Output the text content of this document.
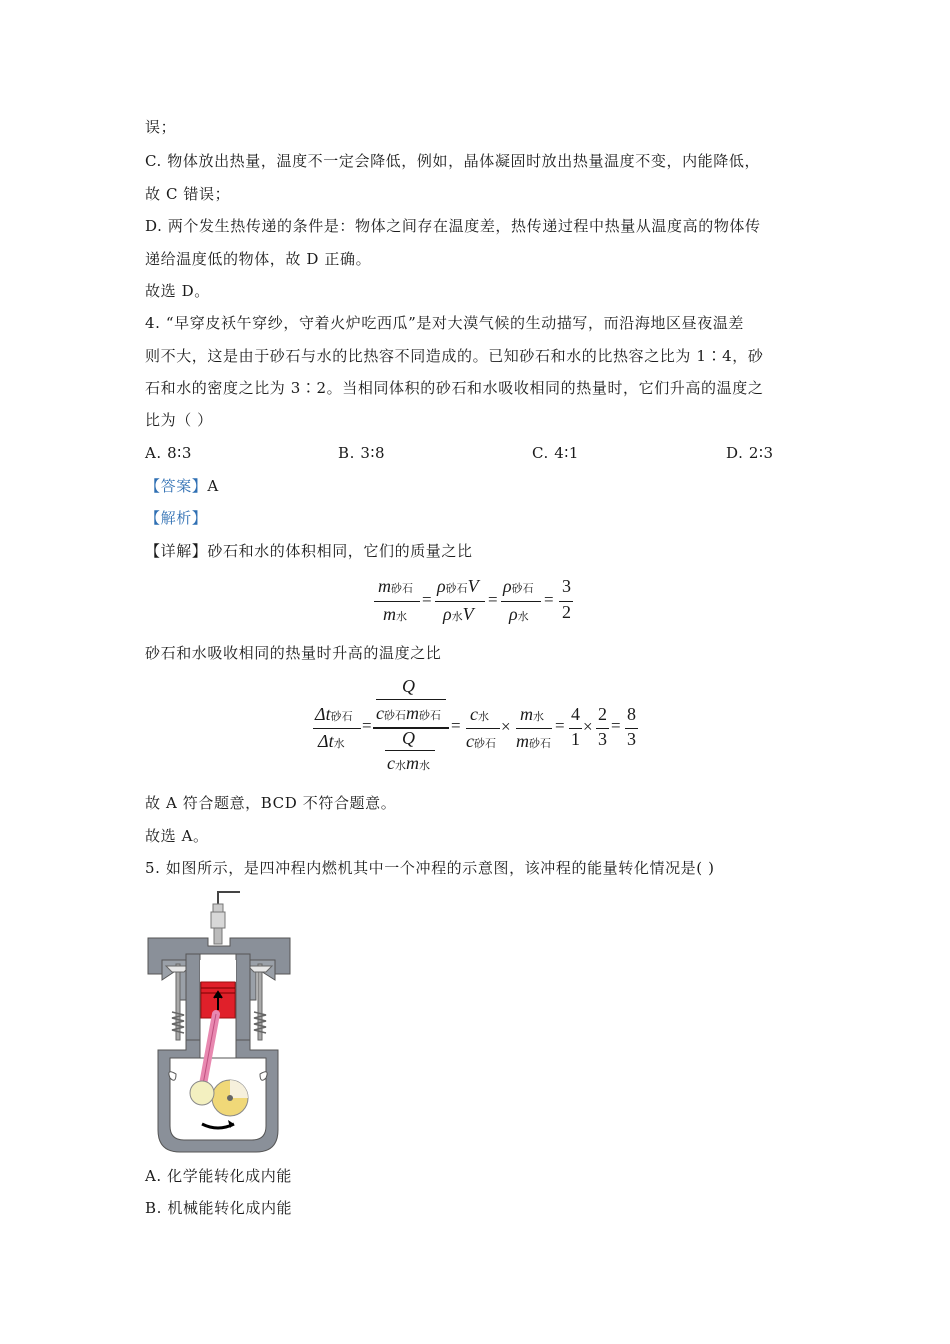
误；
C. 物体放出热量，温度不一定会降低，例如，晶体凝固时放出热量温度不变，内能降低，
故 C 错误；
D. 两个发生热传递的条件是：物体之间存在温度差，热传递过程中热量从温度高的物体传
递给温度低的物体，故 D 正确。
故选 D。
4. “早穿皮袄午穿纱，守着火炉吃西瓜”是对大漠气候的生动描写，而沿海地区昼夜温差
则不大，这是由于砂石与水的比热容不同造成的。已知砂石和水的比热容之比为 1∶4，砂
石和水的密度之比为 3∶2。当相同体积的砂石和水吸收相同的热量时，它们升高的温度之
比为（ ）
A. 8∶3	B. 3∶8	C. 4∶1	D. 2∶3
【答案】A
【解析】
【详解】砂石和水的体积相同，它们的质量之比
m砂石
m水
=
ρ砂石V
ρ水V
=
ρ砂石
ρ水
=
3
2
砂石和水吸收相同的热量时升高的温度之比
Δt砂石
Δt水
=
Q
c砂石m砂石
Q
c水m水
=
c水
c砂石
×
m水
m砂石
=
4
1
×
2
3
=
8
3
故 A 符合题意，BCD 不符合题意。
故选 A。
5. 如图所示，是四冲程内燃机其中一个冲程的示意图，该冲程的能量转化情况是( )
A. 化学能转化成内能
B. 机械能转化成内能
